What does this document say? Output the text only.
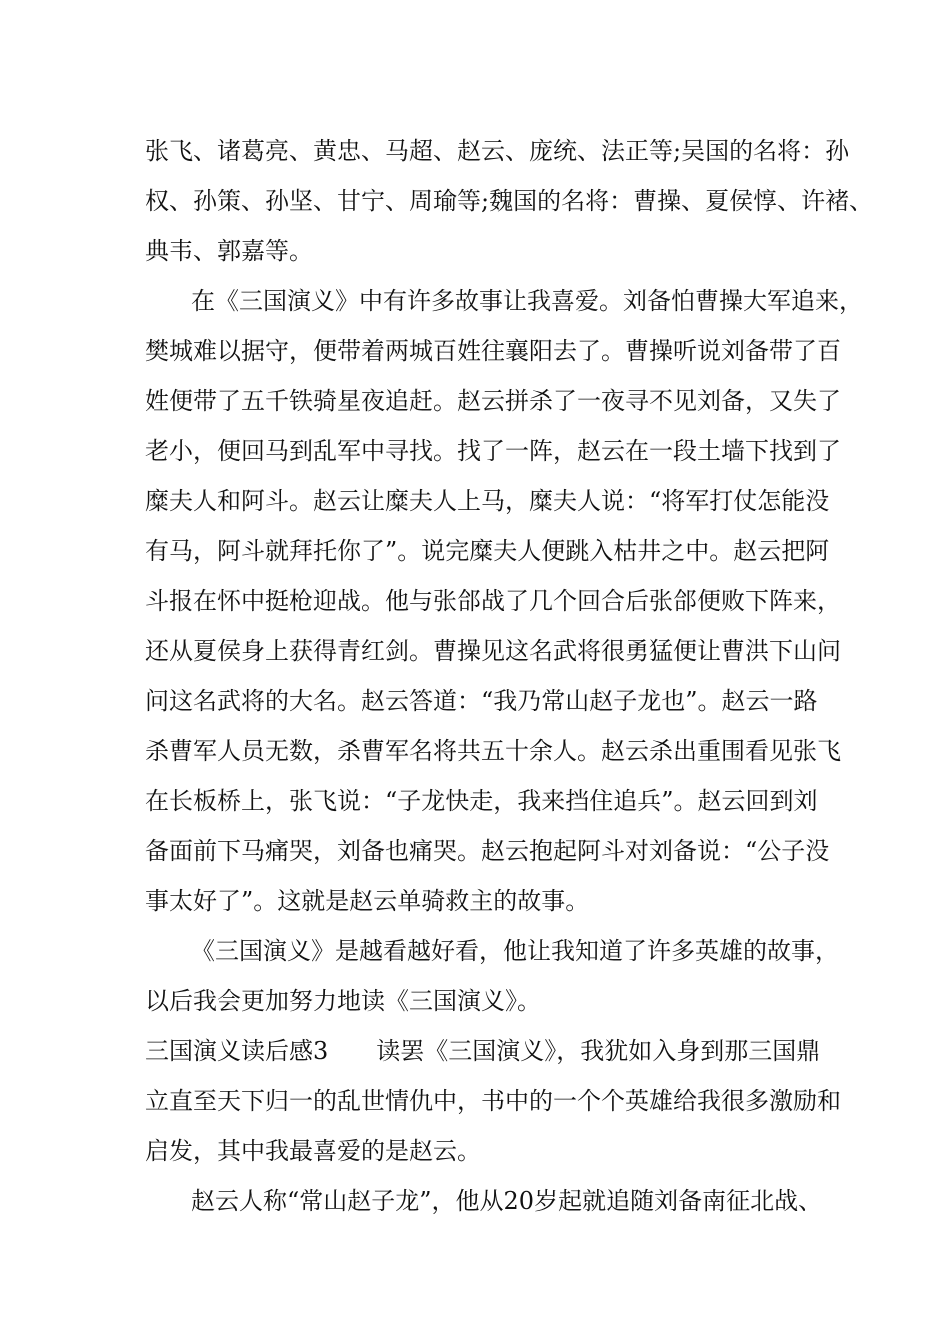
张飞、诸葛亮、黄忠、马超、赵云、庞统、法正等;吴国的名将：孙
权、孙策、孙坚、甘宁、周瑜等;魏国的名将：曹操、夏侯惇、许褚、
典韦、郭嘉等。
在《三国演义》中有许多故事让我喜爱。刘备怕曹操大军追来，
樊城难以据守，便带着两城百姓往襄阳去了。曹操听说刘备带了百
姓便带了五千铁骑星夜追赶。赵云拼杀了一夜寻不见刘备，又失了
老小，便回马到乱军中寻找。找了一阵，赵云在一段土墙下找到了
糜夫人和阿斗。赵云让糜夫人上马，糜夫人说：“将军打仗怎能没
有马，阿斗就拜托你了”。说完糜夫人便跳入枯井之中。赵云把阿
斗报在怀中挺枪迎战。他与张郃战了几个回合后张郃便败下阵来，
还从夏侯身上获得青红剑。曹操见这名武将很勇猛便让曹洪下山问
问这名武将的大名。赵云答道：“我乃常山赵子龙也”。赵云一路
杀曹军人员无数，杀曹军名将共五十余人。赵云杀出重围看见张飞
在长板桥上，张飞说：“子龙快走，我来挡住追兵”。赵云回到刘
备面前下马痛哭，刘备也痛哭。赵云抱起阿斗对刘备说：“公子没
事太好了”。这就是赵云单骑救主的故事。
《三国演义》是越看越好看，他让我知道了许多英雄的故事，
以后我会更加努力地读《三国演义》。
三国演义读后感3　　读罢《三国演义》，我犹如入身到那三国鼎
立直至天下归一的乱世情仇中，书中的一个个英雄给我很多激励和
启发，其中我最喜爱的是赵云。
赵云人称“常山赵子龙”，他从20岁起就追随刘备南征北战、
